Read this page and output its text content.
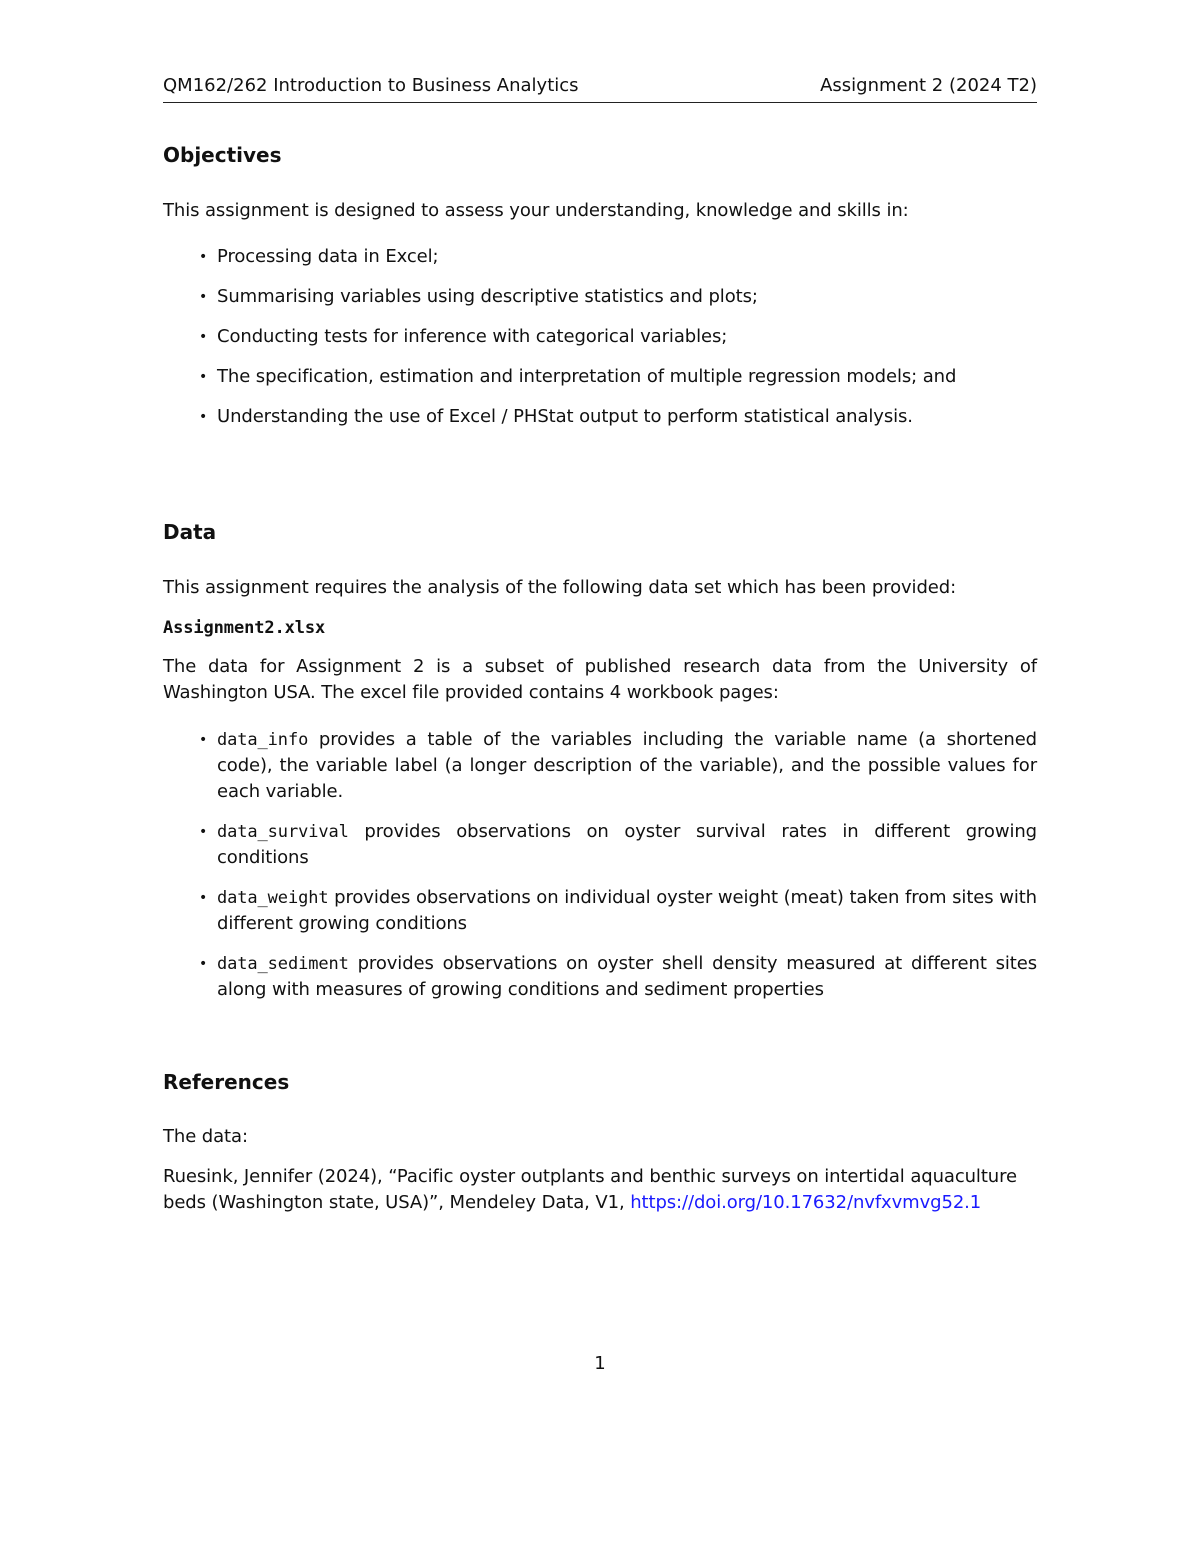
QM162/262 Introduction to Business Analytics	Assignment 2 (2024 T2)
Objectives

This assignment is designed to assess your understanding, knowledge and skills in:

• Processing data in Excel;
• Summarising variables using descriptive statistics and plots;
• Conducting tests for inference with categorical variables;
• The specification, estimation and interpretation of multiple regression models; and
• Understanding the use of Excel / PHStat output to perform statistical analysis.
Data

This assignment requires the analysis of the following data set which has been provided:

Assignment2.xlsx

The data for Assignment 2 is a subset of published research data from the University of Washington USA. The excel file provided contains 4 workbook pages:

• data_info provides a table of the variables including the variable name (a shortened code), the variable label (a longer description of the variable), and the possible values for each variable.
• data_survival provides observations on oyster survival rates in different growing conditions
• data_weight provides observations on individual oyster weight (meat) taken from sites with different growing conditions
• data_sediment provides observations on oyster shell density measured at different sites along with measures of growing conditions and sediment properties
References

The data:

Ruesink, Jennifer (2024), “Pacific oyster outplants and benthic surveys on intertidal aquaculture beds (Washington state, USA)”, Mendeley Data, V1, https://doi.org/10.17632/nvfxvmvg52.1

1
